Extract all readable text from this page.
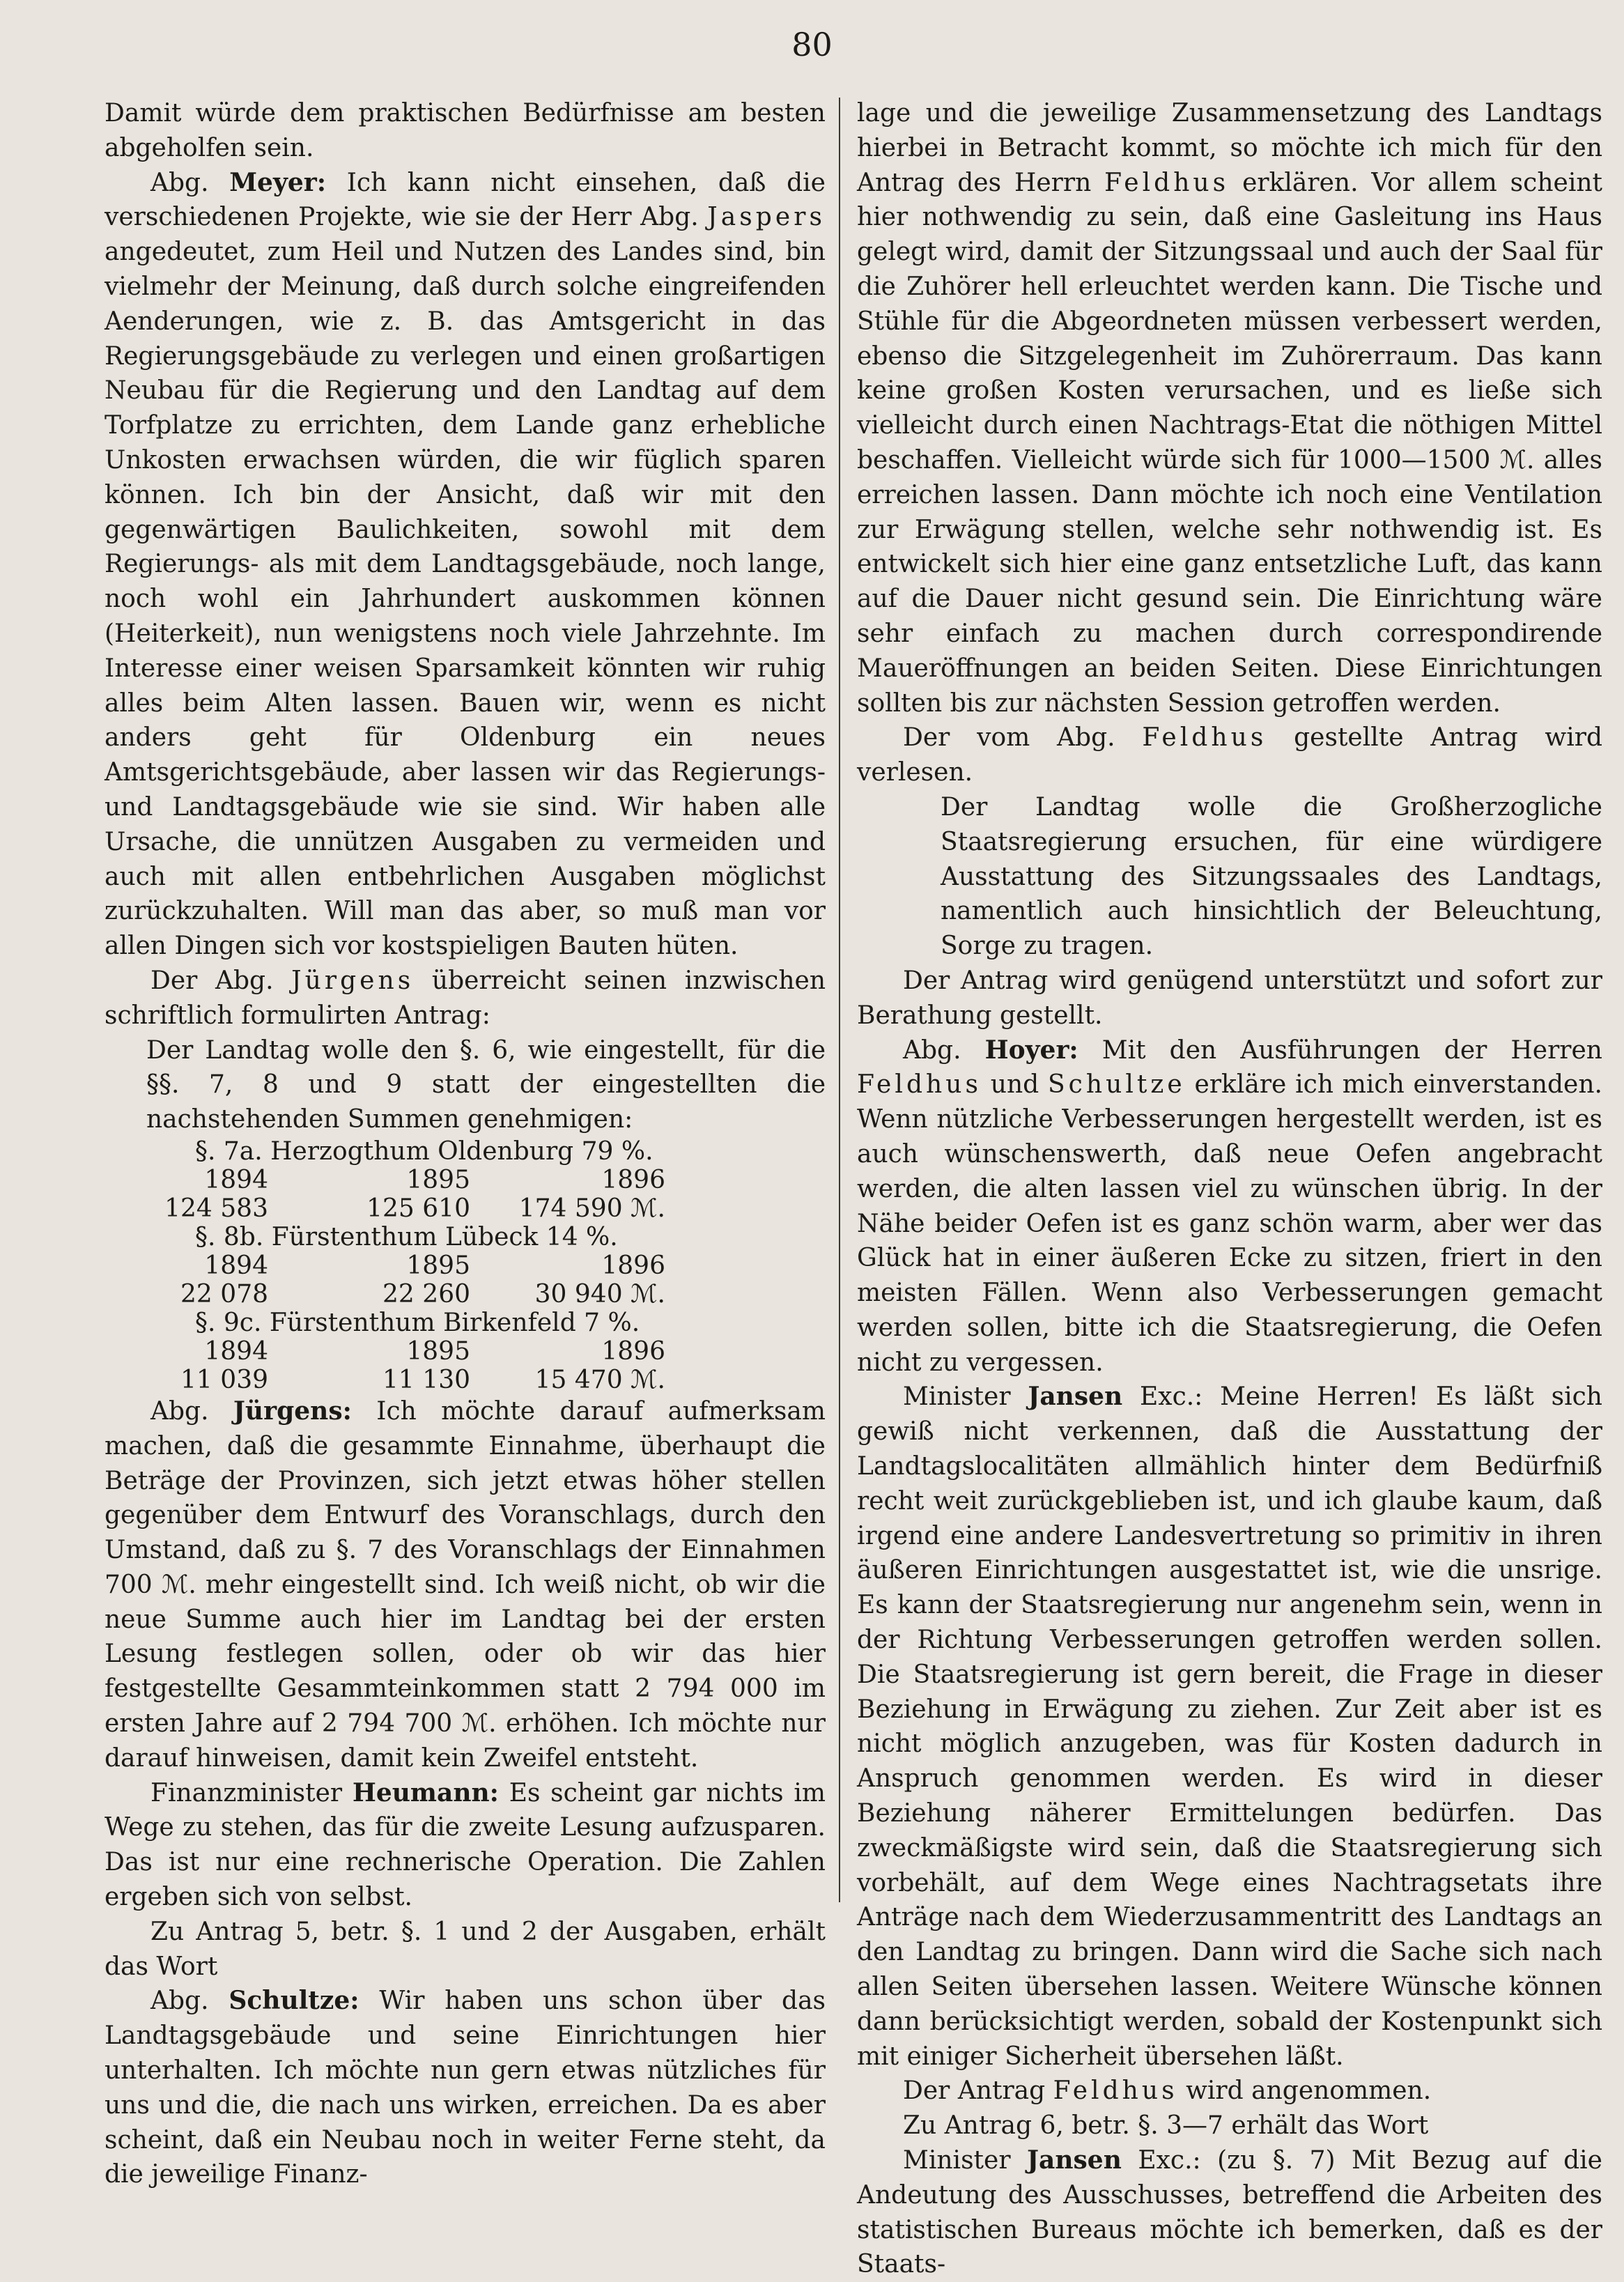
80

Damit würde dem praktischen Bedürfnisse am besten abgeholfen sein.

Abg. Meyer: Ich kann nicht einsehen, daß die verschiedenen Projekte, wie sie der Herr Abg. Jaspers angedeutet, zum Heil und Nutzen des Landes sind, bin vielmehr der Meinung, daß durch solche eingreifenden Aenderungen, wie z. B. das Amtsgericht in das Regierungsgebäude zu verlegen und einen großartigen Neubau für die Regierung und den Landtag auf dem Torfplatze zu errichten, dem Lande ganz erhebliche Unkosten erwachsen würden, die wir füglich sparen können. Ich bin der Ansicht, daß wir mit den gegenwärtigen Baulichkeiten, sowohl mit dem Regierungs- als mit dem Landtagsgebäude, noch lange, noch wohl ein Jahrhundert auskommen können (Heiterkeit), nun wenigstens noch viele Jahrzehnte. Im Interesse einer weisen Sparsamkeit könnten wir ruhig alles beim Alten lassen. Bauen wir, wenn es nicht anders geht für Oldenburg ein neues Amtsgerichtsgebäude, aber lassen wir das Regierungs- und Landtagsgebäude wie sie sind. Wir haben alle Ursache, die unnützen Ausgaben zu vermeiden und auch mit allen entbehrlichen Ausgaben möglichst zurückzuhalten. Will man das aber, so muß man vor allen Dingen sich vor kostspieligen Bauten hüten.

Der Abg. Jürgens überreicht seinen inzwischen schriftlich formulirten Antrag:

Der Landtag wolle den §. 6, wie eingestellt, für die §§. 7, 8 und 9 statt der eingestellten die nachstehenden Summen genehmigen:

§. 7a. Herzogthum Oldenburg 79 %.		
1894	1895	1896
124 583	125 610	174 590 ℳ.
§. 8b. Fürstenthum Lübeck 14 %.		
1894	1895	1896
22 078	22 260	30 940 ℳ.
§. 9c. Fürstenthum Birkenfeld 7 %.		
1894	1895	1896
11 039	11 130	15 470 ℳ.

Abg. Jürgens: Ich möchte darauf aufmerksam machen, daß die gesammte Einnahme, überhaupt die Beträge der Provinzen, sich jetzt etwas höher stellen gegenüber dem Entwurf des Voranschlags, durch den Umstand, daß zu §. 7 des Voranschlags der Einnahmen 700 ℳ. mehr eingestellt sind. Ich weiß nicht, ob wir die neue Summe auch hier im Landtag bei der ersten Lesung festlegen sollen, oder ob wir das hier festgestellte Gesammteinkommen statt 2 794 000 im ersten Jahre auf 2 794 700 ℳ. erhöhen. Ich möchte nur darauf hinweisen, damit kein Zweifel entsteht.

Finanzminister Heumann: Es scheint gar nichts im Wege zu stehen, das für die zweite Lesung aufzusparen. Das ist nur eine rechnerische Operation. Die Zahlen ergeben sich von selbst.

Zu Antrag 5, betr. §. 1 und 2 der Ausgaben, erhält das Wort

Abg. Schultze: Wir haben uns schon über das Landtagsgebäude und seine Einrichtungen hier unterhalten. Ich möchte nun gern etwas nützliches für uns und die, die nach uns wirken, erreichen. Da es aber scheint, daß ein Neubau noch in weiter Ferne steht, da die jeweilige Finanz-

lage und die jeweilige Zusammensetzung des Landtags hierbei in Betracht kommt, so möchte ich mich für den Antrag des Herrn Feldhus erklären. Vor allem scheint hier nothwendig zu sein, daß eine Gasleitung ins Haus gelegt wird, damit der Sitzungssaal und auch der Saal für die Zuhörer hell erleuchtet werden kann. Die Tische und Stühle für die Abgeordneten müssen verbessert werden, ebenso die Sitzgelegenheit im Zuhörerraum. Das kann keine großen Kosten verursachen, und es ließe sich vielleicht durch einen Nachtrags-Etat die nöthigen Mittel beschaffen. Vielleicht würde sich für 1000—1500 ℳ. alles erreichen lassen. Dann möchte ich noch eine Ventilation zur Erwägung stellen, welche sehr nothwendig ist. Es entwickelt sich hier eine ganz entsetzliche Luft, das kann auf die Dauer nicht gesund sein. Die Einrichtung wäre sehr einfach zu machen durch correspondirende Maueröffnungen an beiden Seiten. Diese Einrichtungen sollten bis zur nächsten Session getroffen werden.

Der vom Abg. Feldhus gestellte Antrag wird verlesen.

Der Landtag wolle die Großherzogliche Staatsregierung ersuchen, für eine würdigere Ausstattung des Sitzungssaales des Landtags, namentlich auch hinsichtlich der Beleuchtung, Sorge zu tragen.

Der Antrag wird genügend unterstützt und sofort zur Berathung gestellt.

Abg. Hoyer: Mit den Ausführungen der Herren Feldhus und Schultze erkläre ich mich einverstanden. Wenn nützliche Verbesserungen hergestellt werden, ist es auch wünschenswerth, daß neue Oefen angebracht werden, die alten lassen viel zu wünschen übrig. In der Nähe beider Oefen ist es ganz schön warm, aber wer das Glück hat in einer äußeren Ecke zu sitzen, friert in den meisten Fällen. Wenn also Verbesserungen gemacht werden sollen, bitte ich die Staatsregierung, die Oefen nicht zu vergessen.

Minister Jansen Exc.: Meine Herren! Es läßt sich gewiß nicht verkennen, daß die Ausstattung der Landtagslocalitäten allmählich hinter dem Bedürfniß recht weit zurückgeblieben ist, und ich glaube kaum, daß irgend eine andere Landesvertretung so primitiv in ihren äußeren Einrichtungen ausgestattet ist, wie die unsrige. Es kann der Staatsregierung nur angenehm sein, wenn in der Richtung Verbesserungen getroffen werden sollen. Die Staatsregierung ist gern bereit, die Frage in dieser Beziehung in Erwägung zu ziehen. Zur Zeit aber ist es nicht möglich anzugeben, was für Kosten dadurch in Anspruch genommen werden. Es wird in dieser Beziehung näherer Ermittelungen bedürfen. Das zweckmäßigste wird sein, daß die Staatsregierung sich vorbehält, auf dem Wege eines Nachtragsetats ihre Anträge nach dem Wiederzusammentritt des Landtags an den Landtag zu bringen. Dann wird die Sache sich nach allen Seiten übersehen lassen. Weitere Wünsche können dann berücksichtigt werden, sobald der Kostenpunkt sich mit einiger Sicherheit übersehen läßt.

Der Antrag Feldhus wird angenommen.

Zu Antrag 6, betr. §. 3—7 erhält das Wort

Minister Jansen Exc.: (zu §. 7) Mit Bezug auf die Andeutung des Ausschusses, betreffend die Arbeiten des statistischen Bureaus möchte ich bemerken, daß es der Staats-
